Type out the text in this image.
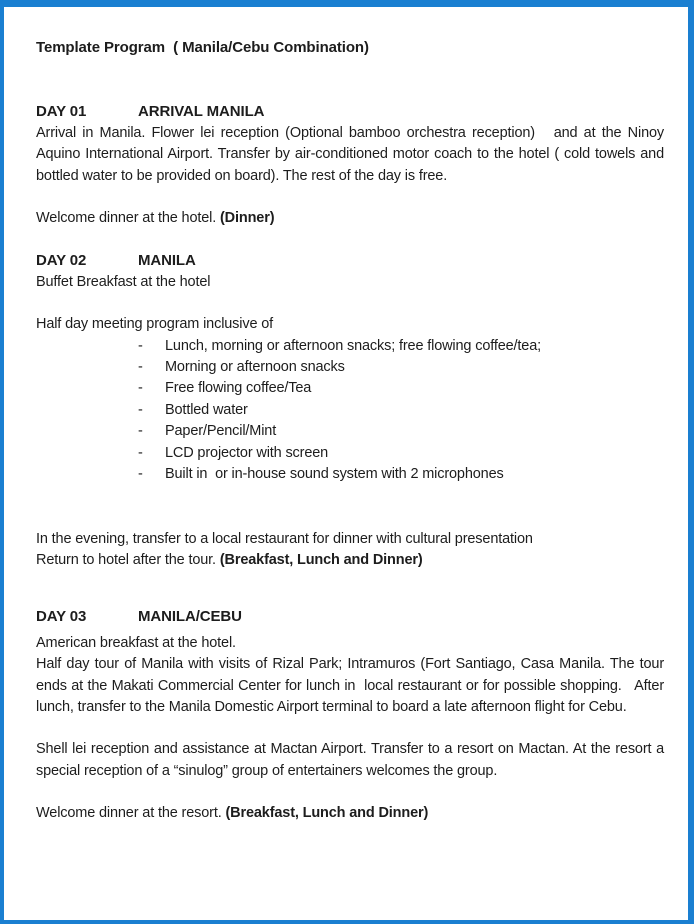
Template Program  ( Manila/Cebu Combination)
DAY 01	ARRIVAL MANILA

Arrival in Manila. Flower lei reception (Optional bamboo orchestra reception)   and at the Ninoy Aquino International Airport. Transfer by air-conditioned motor coach to the hotel ( cold towels and bottled water to be provided on board). The rest of the day is free.

Welcome dinner at the hotel. (Dinner)

DAY 02	MANILA

Buffet Breakfast at the hotel

Half day meeting program inclusive of

-	Lunch, morning or afternoon snacks; free flowing coffee/tea;
-	Morning or afternoon snacks
-	Free flowing coffee/Tea
-	Bottled water
-	Paper/Pencil/Mint
-	LCD projector with screen
-	Built in  or in-house sound system with 2 microphones

In the evening, transfer to a local restaurant for dinner with cultural presentation

Return to hotel after the tour. (Breakfast, Lunch and Dinner)

DAY 03	MANILA/CEBU

American breakfast at the hotel.

Half day tour of Manila with visits of Rizal Park; Intramuros (Fort Santiago, Casa Manila. The tour ends at the Makati Commercial Center for lunch in  local restaurant or for possible shopping.   After lunch, transfer to the Manila Domestic Airport terminal to board a late afternoon flight for Cebu.

Shell lei reception and assistance at Mactan Airport. Transfer to a resort on Mactan. At the resort a special reception of a “sinulog” group of entertainers welcomes the group.

Welcome dinner at the resort. (Breakfast, Lunch and Dinner)
